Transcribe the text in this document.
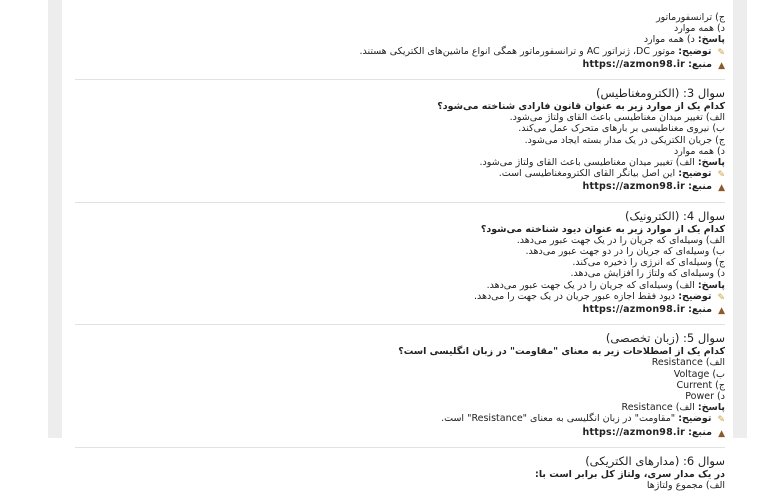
ج) ترانسفورماتور
د) همه موارد
پاسخ: د) همه موارد
✎ توضیح: موتور DC، ژنراتور AC و ترانسفورماتور همگی انواع ماشین‌های الکتریکی هستند.
▲ منبع: https://azmon98.ir
سوال 3: (الکترومغناطیس)
کدام یک از موارد زیر به عنوان قانون فارادی شناخته می‌شود؟
الف) تغییر میدان مغناطیسی باعث القای ولتاژ می‌شود.
ب) نیروی مغناطیسی بر بارهای متحرک عمل می‌کند.
ج) جریان الکتریکی در یک مدار بسته ایجاد می‌شود.
د) همه موارد
پاسخ: الف) تغییر میدان مغناطیسی باعث القای ولتاژ می‌شود.
✎ توضیح: این اصل بیانگر القای الکترومغناطیسی است.
▲ منبع: https://azmon98.ir
سوال 4: (الکترونیک)
کدام یک از موارد زیر به عنوان دیود شناخته می‌شود؟
الف) وسیله‌ای که جریان را در یک جهت عبور می‌دهد.
ب) وسیله‌ای که جریان را در دو جهت عبور می‌دهد.
ج) وسیله‌ای که انرژی را ذخیره می‌کند.
د) وسیله‌ای که ولتاژ را افزایش می‌دهد.
پاسخ: الف) وسیله‌ای که جریان را در یک جهت عبور می‌دهد.
✎ توضیح: دیود فقط اجازه عبور جریان در یک جهت را می‌دهد.
▲ منبع: https://azmon98.ir
سوال 5: (زبان تخصصی)
کدام یک از اصطلاحات زیر به معنای "مقاومت" در زبان انگلیسی است؟
الف) Resistance
ب) Voltage
ج) Current
د) Power
پاسخ: الف) Resistance
✎ توضیح: "مقاومت" در زبان انگلیسی به معنای "Resistance" است.
▲ منبع: https://azmon98.ir
سوال 6: (مدارهای الکتریکی)
در یک مدار سری، ولتاژ کل برابر است با:
الف) مجموع ولتاژها
